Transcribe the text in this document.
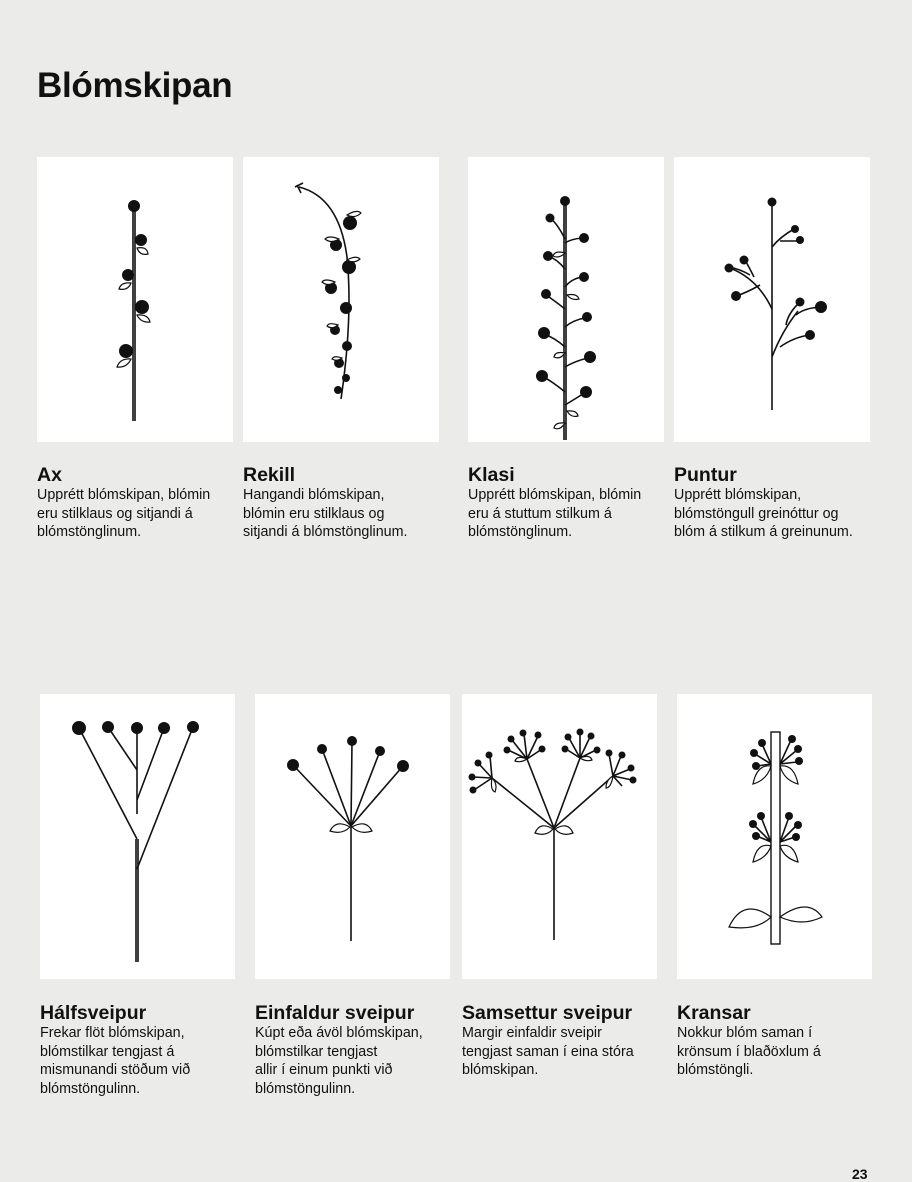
Blómskipan
Ax

Upprétt blómskipan, blómin
eru stilklaus og sitjandi á
blómstönglinum.

Rekill

Hangandi blómskipan,
blómin eru stilklaus og
sitjandi á blómstönglinum.

Klasi

Upprétt blómskipan, blómin
eru á stuttum stilkum á
blómstönglinum.

Puntur

Upprétt blómskipan,
blómstöngull greinóttur og
blóm á stilkum á greinunum.

Hálfsveipur

Frekar flöt blómskipan,
blómstilkar tengjast á
mismunandi stöðum við
blómstöngulinn.

Einfaldur sveipur

Kúpt eða ávöl blómskipan,
blómstilkar tengjast
allir í einum punkti við
blómstöngulinn.

Samsettur sveipur

Margir einfaldir sveipir
tengjast saman í eina stóra
blómskipan.

Kransar

Nokkur blóm saman í
krönsum í blaðöxlum á
blómstöngli.

23
